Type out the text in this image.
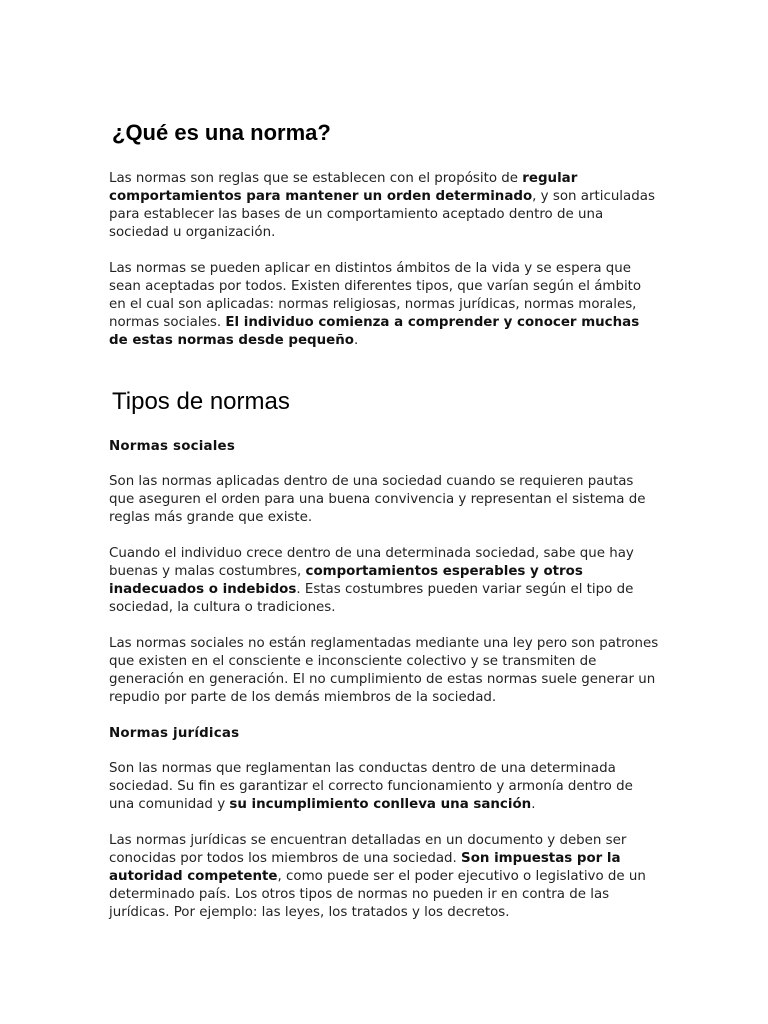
¿Qué es una norma?

Las normas son reglas que se establecen con el propósito de regular comportamientos para mantener un orden determinado, y son articuladas para establecer las bases de un comportamiento aceptado dentro de una sociedad u organización.

Las normas se pueden aplicar en distintos ámbitos de la vida y se espera que sean aceptadas por todos. Existen diferentes tipos, que varían según el ámbito en el cual son aplicadas: normas religiosas, normas jurídicas, normas morales, normas sociales. El individuo comienza a comprender y conocer muchas de estas normas desde pequeño.

Tipos de normas
Normas sociales

Son las normas aplicadas dentro de una sociedad cuando se requieren pautas que aseguren el orden para una buena convivencia y representan el sistema de reglas más grande que existe.

Cuando el individuo crece dentro de una determinada sociedad, sabe que hay buenas y malas costumbres, comportamientos esperables y otros inadecuados o indebidos. Estas costumbres pueden variar según el tipo de sociedad, la cultura o tradiciones.

Las normas sociales no están reglamentadas mediante una ley pero son patrones que existen en el consciente e inconsciente colectivo y se transmiten de generación en generación. El no cumplimiento de estas normas suele generar un repudio por parte de los demás miembros de la sociedad.

Normas jurídicas

Son las normas que reglamentan las conductas dentro de una determinada sociedad. Su fin es garantizar el correcto funcionamiento y armonía dentro de una comunidad y su incumplimiento conlleva una sanción.

Las normas jurídicas se encuentran detalladas en un documento y deben ser conocidas por todos los miembros de una sociedad. Son impuestas por la autoridad competente, como puede ser el poder ejecutivo o legislativo de un determinado país. Los otros tipos de normas no pueden ir en contra de las jurídicas. Por ejemplo: las leyes, los tratados y los decretos.
